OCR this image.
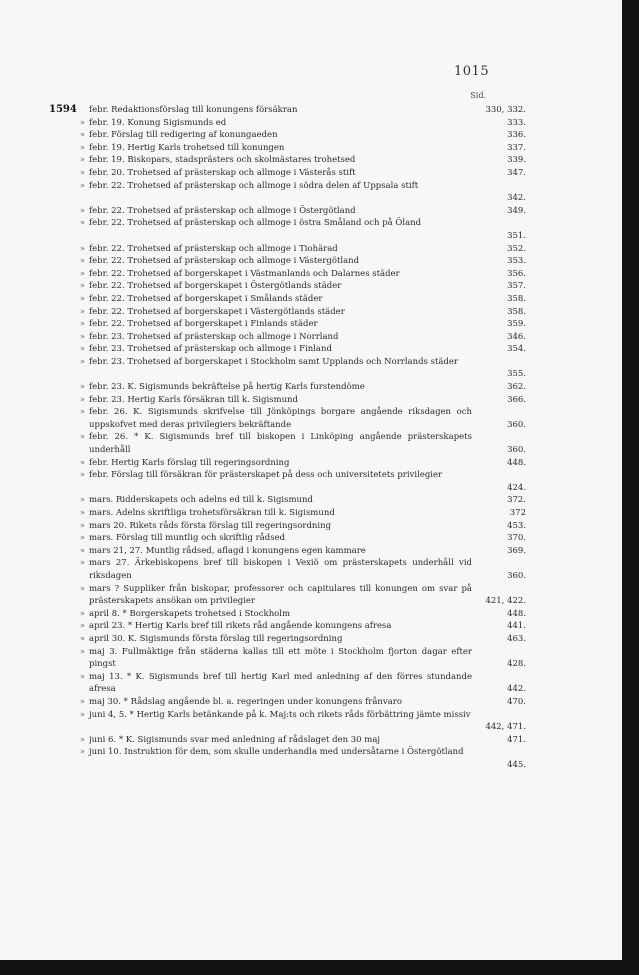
1015
Sid.
1594 febr. Redaktionsförslag till konungens försäkran	330, 332.
» febr. 19. Konung Sigismunds ed	333.
» febr. Förslag till redigering af konungaeden	336.
» febr. 19. Hertig Karls trohetsed till konungen	337.
» febr. 19. Biskopars, stadsprästers och skolmästares trohetsed	339.
» febr. 20. Trohetsed af prästerskap och allmoge i Västerås stift	347.
» febr. 22. Trohetsed af prästerskap och allmoge i södra delen af Uppsala stift
342.
» febr. 22. Trohetsed af prästerskap och allmoge i Östergötland	349.
» febr. 22. Trohetsed af prästerskap och allmoge i östra Småland och på Öland
351.
» febr. 22. Trohetsed af prästerskap och allmoge i Tiohärad	352.
» febr. 22. Trohetsed af prästerskap och allmoge i Västergötland	353.
» febr. 22. Trohetsed af borgerskapet i Västmanlands och Dalarnes städer	356.
» febr. 22. Trohetsed af borgerskapet i Östergötlands städer	357.
» febr. 22. Trohetsed af borgerskapet i Smålands städer	358.
» febr. 22. Trohetsed af borgerskapet i Västergötlands städer	358.
» febr. 22. Trohetsed af borgerskapet i Finlands städer	359.
» febr. 23. Trohetsed af prästerskap och allmoge i Norrland	346.
» febr. 23. Trohetsed af prästerskap och allmoge i Finland	354.
» febr. 23. Trohetsed af borgerskapet i Stockholm samt Upplands och Norrlands städer
355.
» febr. 23. K. Sigismunds bekräftelse på hertig Karls furstendöme	362.
» febr. 23. Hertig Karls försäkran till k. Sigismund	366.
» febr. 26. K. Sigismunds skrifvelse till Jönköpings borgare angående riksdagen och uppskofvet med deras privilegiers bekräftande	360.
» febr. 26. * K. Sigismunds bref till biskopen i Linköping angående prästerskapets underhåll	360.
» febr. Hertig Karls förslag till regeringsordning	448.
» febr. Förslag till försäkran för prästerskapet på dess och universitetets privilegier
424.
» mars. Ridderskapets och adelns ed till k. Sigismund	372.
» mars. Adelns skriftliga trohetsförsäkran till k. Sigismund	372
» mars 20. Rikets råds första förslag till regeringsordning	453.
» mars. Förslag till muntlig och skriftlig rådsed	370.
» mars 21, 27. Muntlig rådsed, aflagd i konungens egen kammare	369.
» mars 27. Ärkebiskopens bref till biskopen i Vexiö om prästerskapets underhåll vid riksdagen	360.
» mars ? Suppliker från biskopar, professorer och capitulares till konungen om svar på prästerskapets ansökan om privilegier	421, 422.
» april 8. * Borgerskapets trohetsed i Stockholm	448.
» april 23. * Hertig Karls bref till rikets råd angående konungens afresa	441.
» april 30. K. Sigismunds första förslag till regeringsordning	463.
» maj 3. Fullmäktige från städerna kallas till ett möte i Stockholm fjorton dagar efter pingst	428.
» maj 13. * K. Sigismunds bref till hertig Karl med anledning af den förres stundande afresa	442.
» maj 30. * Rådslag angående bl. a. regeringen under konungens frånvaro	470.
» juni 4, 5. * Hertig Karls betänkande på k. Maj:ts och rikets råds förbättring jämte missiv
442, 471.
» juni 6. * K. Sigismunds svar med anledning af rådslaget den 30 maj	471.
» juni 10. Instruktion för dem, som skulle underhandla med undersåtarne i Östergötland
445.
